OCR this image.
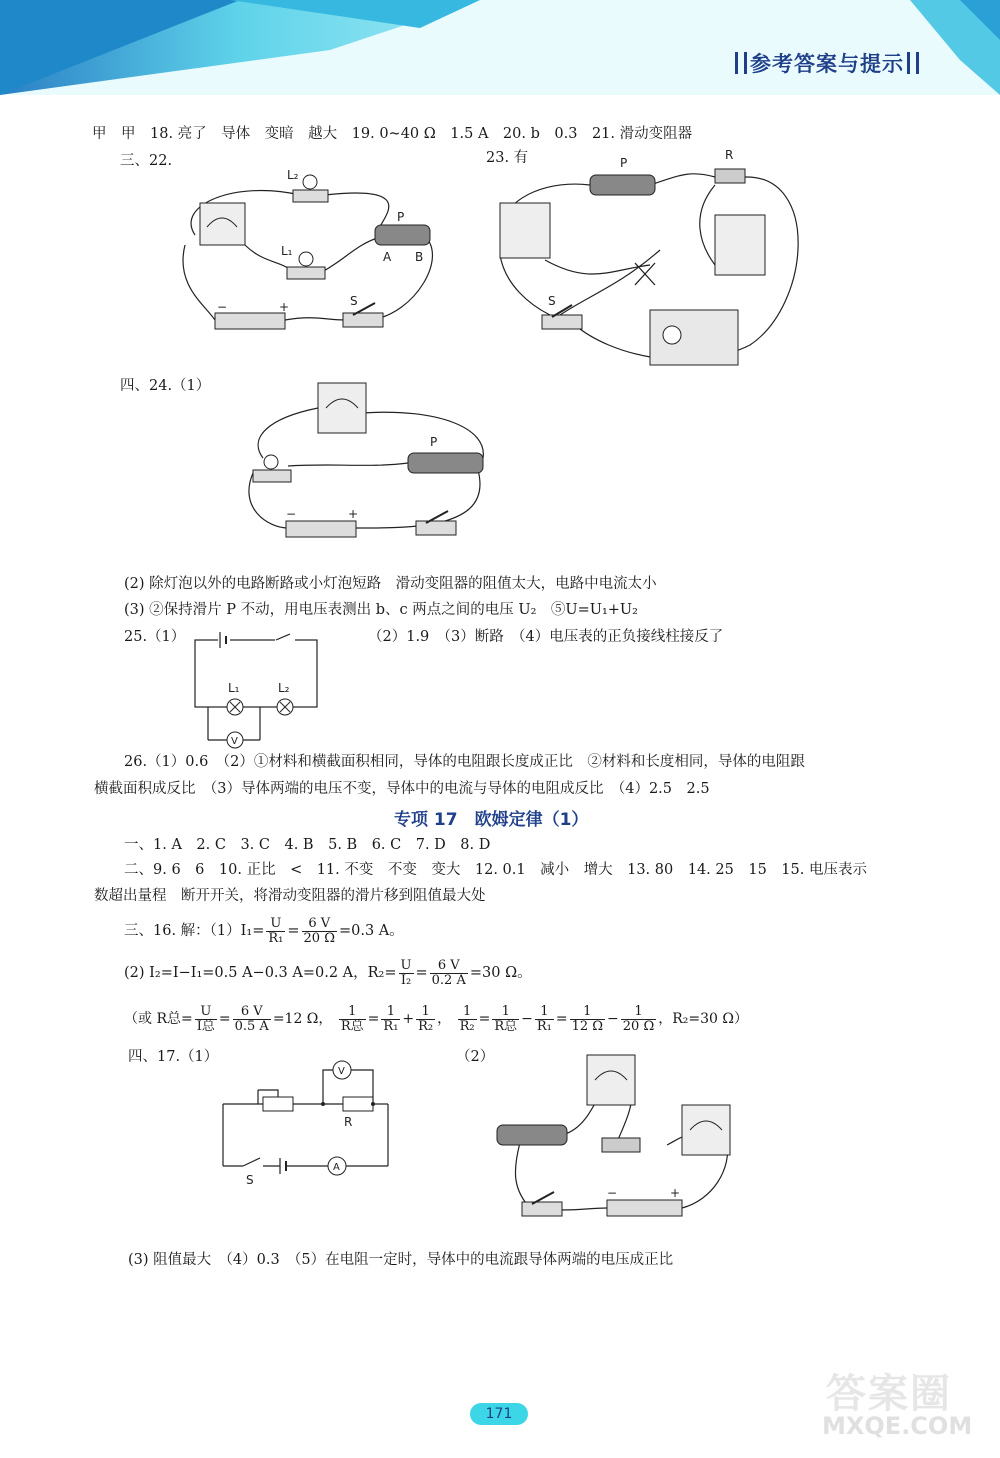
参考答案与提示
甲　甲　18. 亮了　导体　变暗　越大　19. 0~40 Ω　1.5 A　20. b　0.3　21. 滑动变阻器
三、22.	23. 有
L₂
L₁
P
A B
S
−	+
P
R
S
四、24.（1）
P
−	+
(2) 除灯泡以外的电路断路或小灯泡短路　滑动变阻器的阻值太大，电路中电流太小
(3) ②保持滑片 P 不动，用电压表测出 b、c 两点之间的电压 U₂　⑤U=U₁+U₂
25.（1）	（2）1.9　（3）断路　（4）电压表的正负接线柱接反了
V
L₁	L₂
26.（1）0.6　（2）①材料和横截面积相同，导体的电阻跟长度成正比　②材料和长度相同，导体的电阻跟
横截面积成反比　（3）导体两端的电压不变，导体中的电流与导体的电阻成反比　（4）2.5　2.5
专项 17　欧姆定律（1）
一、1. A　2. C　3. C　4. B　5. B　6. C　7. D　8. D
二、9. 6　6　10. 正比　<　11. 不变　不变　变大　12. 0.1　减小　增大　13. 80　14. 25　15　15. 电压表示
数超出量程　断开开关，将滑动变阻器的滑片移到阻值最大处
三、16. 解：$(1)I_1= \frac{U}{\text{R₁}} = \frac{6 V}{20 \Omega} =0.3$ A。
(2) I₂=I−I₁=0.5 A−0.3 A=0.2 A，$R_2= \frac{U}{\text{I₂}} = \frac{6 V}{0.2 A} =30$ Ω。
（或 R总= $\frac{U}{\text{I总}} = \frac{6 V}{0.5 A} =12$ Ω， $\frac{1}{\text{R总}} = \frac{1}{\text{R₁}} + \frac{1}{\text{R₂}}$ ， $\frac{1}{\text{R₂}} = \frac{1}{\text{R总}} - \frac{1}{\text{R₁}} = \frac{1}{12 \Omega} - \frac{1}{20 \Omega}$ ，R₂=30 Ω）
四、17.（1）	（2）
V
A
R
S
−	+
(3) 阻值最大　（4）0.3　（5）在电阻一定时，导体中的电流跟导体两端的电压成正比
171	答案圈
MXQE.COM
